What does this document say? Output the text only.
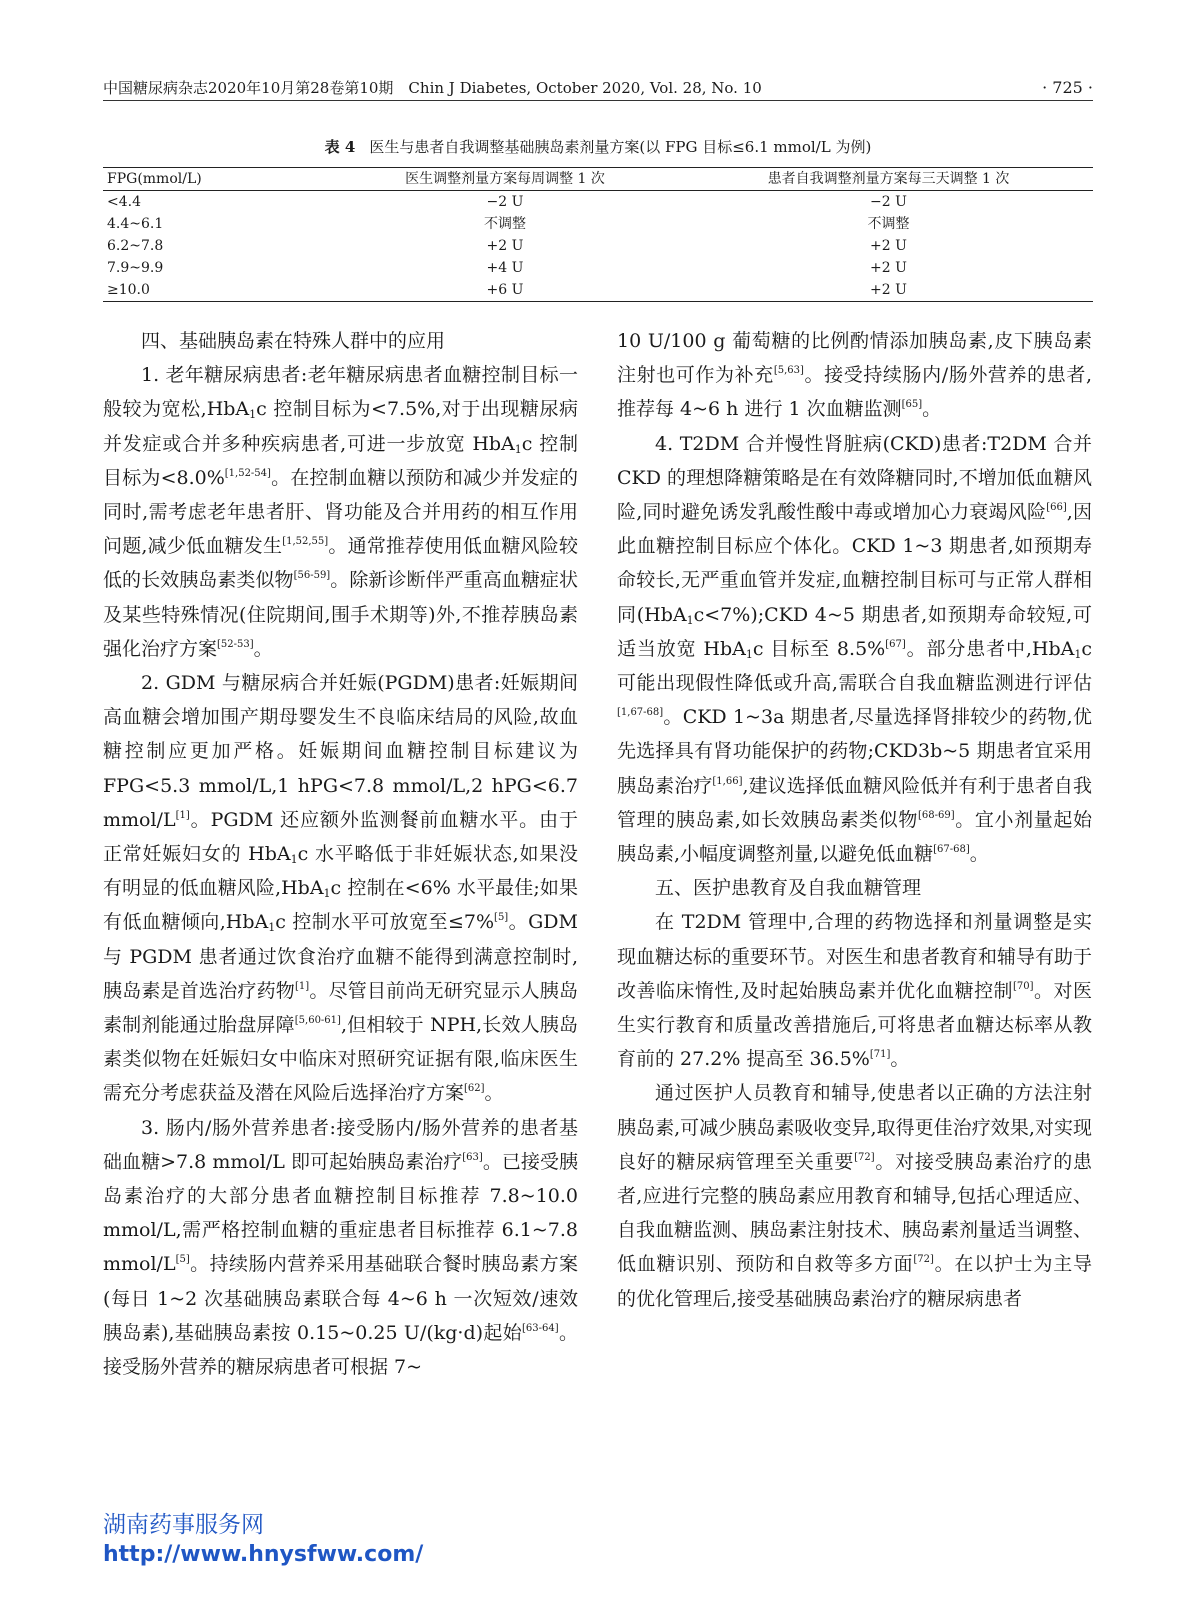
中国糖尿病杂志2020年10月第28卷第10期　Chin J Diabetes, October 2020, Vol. 28, No. 10	· 725 ·
表 4 医生与患者自我调整基础胰岛素剂量方案(以 FPG 目标≤6.1 mmol/L 为例)
FPG(mmol/L)	医生调整剂量方案每周调整 1 次	患者自我调整剂量方案每三天调整 1 次
<4.4	−2 U	−2 U
4.4~6.1	不调整	不调整
6.2~7.8	+2 U	+2 U
7.9~9.9	+4 U	+2 U
≥10.0	+6 U	+2 U

四、基础胰岛素在特殊人群中的应用

1. 老年糖尿病患者:老年糖尿病患者血糖控制目标一般较为宽松,HbA$_1$c 控制目标为<7.5%,对于出现糖尿病并发症或合并多种疾病患者,可进一步放宽 HbA$_1$c 控制目标为<8.0%[1,52-54]。在控制血糖以预防和减少并发症的同时,需考虑老年患者肝、肾功能及合并用药的相互作用问题,减少低血糖发生[1,52,55]。通常推荐使用低血糖风险较低的长效胰岛素类似物[56-59]。除新诊断伴严重高血糖症状及某些特殊情况(住院期间,围手术期等)外,不推荐胰岛素强化治疗方案[52-53]。

2. GDM 与糖尿病合并妊娠(PGDM)患者:妊娠期间高血糖会增加围产期母婴发生不良临床结局的风险,故血糖控制应更加严格。妊娠期间血糖控制目标建议为 FPG<5.3 mmol/L,1 hPG<7.8 mmol/L,2 hPG<6.7 mmol/L[1]。PGDM 还应额外监测餐前血糖水平。由于正常妊娠妇女的 HbA$_1$c 水平略低于非妊娠状态,如果没有明显的低血糖风险,HbA$_1$c 控制在<6% 水平最佳;如果有低血糖倾向,HbA$_1$c 控制水平可放宽至≤7%[5]。GDM 与 PGDM 患者通过饮食治疗血糖不能得到满意控制时,胰岛素是首选治疗药物[1]。尽管目前尚无研究显示人胰岛素制剂能通过胎盘屏障[5,60-61],但相较于 NPH,长效人胰岛素类似物在妊娠妇女中临床对照研究证据有限,临床医生需充分考虑获益及潜在风险后选择治疗方案[62]。

3. 肠内/肠外营养患者:接受肠内/肠外营养的患者基础血糖>7.8 mmol/L 即可起始胰岛素治疗[63]。已接受胰岛素治疗的大部分患者血糖控制目标推荐 7.8~10.0 mmol/L,需严格控制血糖的重症患者目标推荐 6.1~7.8 mmol/L[5]。持续肠内营养采用基础联合餐时胰岛素方案(每日 1~2 次基础胰岛素联合每 4~6 h 一次短效/速效胰岛素),基础胰岛素按 0.15~0.25 U/(kg·d)起始[63-64]。接受肠外营养的糖尿病患者可根据 7~

10 U/100 g 葡萄糖的比例酌情添加胰岛素,皮下胰岛素注射也可作为补充[5,63]。接受持续肠内/肠外营养的患者,推荐每 4~6 h 进行 1 次血糖监测[65]。

4. T2DM 合并慢性肾脏病(CKD)患者:T2DM 合并 CKD 的理想降糖策略是在有效降糖同时,不增加低血糖风险,同时避免诱发乳酸性酸中毒或增加心力衰竭风险[66],因此血糖控制目标应个体化。CKD 1~3 期患者,如预期寿命较长,无严重血管并发症,血糖控制目标可与正常人群相同(HbA$_1$c<7%);CKD 4~5 期患者,如预期寿命较短,可适当放宽 HbA$_1$c 目标至 8.5%[67]。部分患者中,HbA$_1$c 可能出现假性降低或升高,需联合自我血糖监测进行评估[1,67-68]。CKD 1~3a 期患者,尽量选择肾排较少的药物,优先选择具有肾功能保护的药物;CKD3b~5 期患者宜采用胰岛素治疗[1,66],建议选择低血糖风险低并有利于患者自我管理的胰岛素,如长效胰岛素类似物[68-69]。宜小剂量起始胰岛素,小幅度调整剂量,以避免低血糖[67-68]。

五、医护患教育及自我血糖管理

在 T2DM 管理中,合理的药物选择和剂量调整是实现血糖达标的重要环节。对医生和患者教育和辅导有助于改善临床惰性,及时起始胰岛素并优化血糖控制[70]。对医生实行教育和质量改善措施后,可将患者血糖达标率从教育前的 27.2% 提高至 36.5%[71]。

通过医护人员教育和辅导,使患者以正确的方法注射胰岛素,可减少胰岛素吸收变异,取得更佳治疗效果,对实现良好的糖尿病管理至关重要[72]。对接受胰岛素治疗的患者,应进行完整的胰岛素应用教育和辅导,包括心理适应、自我血糖监测、胰岛素注射技术、胰岛素剂量适当调整、低血糖识别、预防和自救等多方面[72]。在以护士为主导的优化管理后,接受基础胰岛素治疗的糖尿病患者

湖南药事服务网
http://www.hnysfww.com/
